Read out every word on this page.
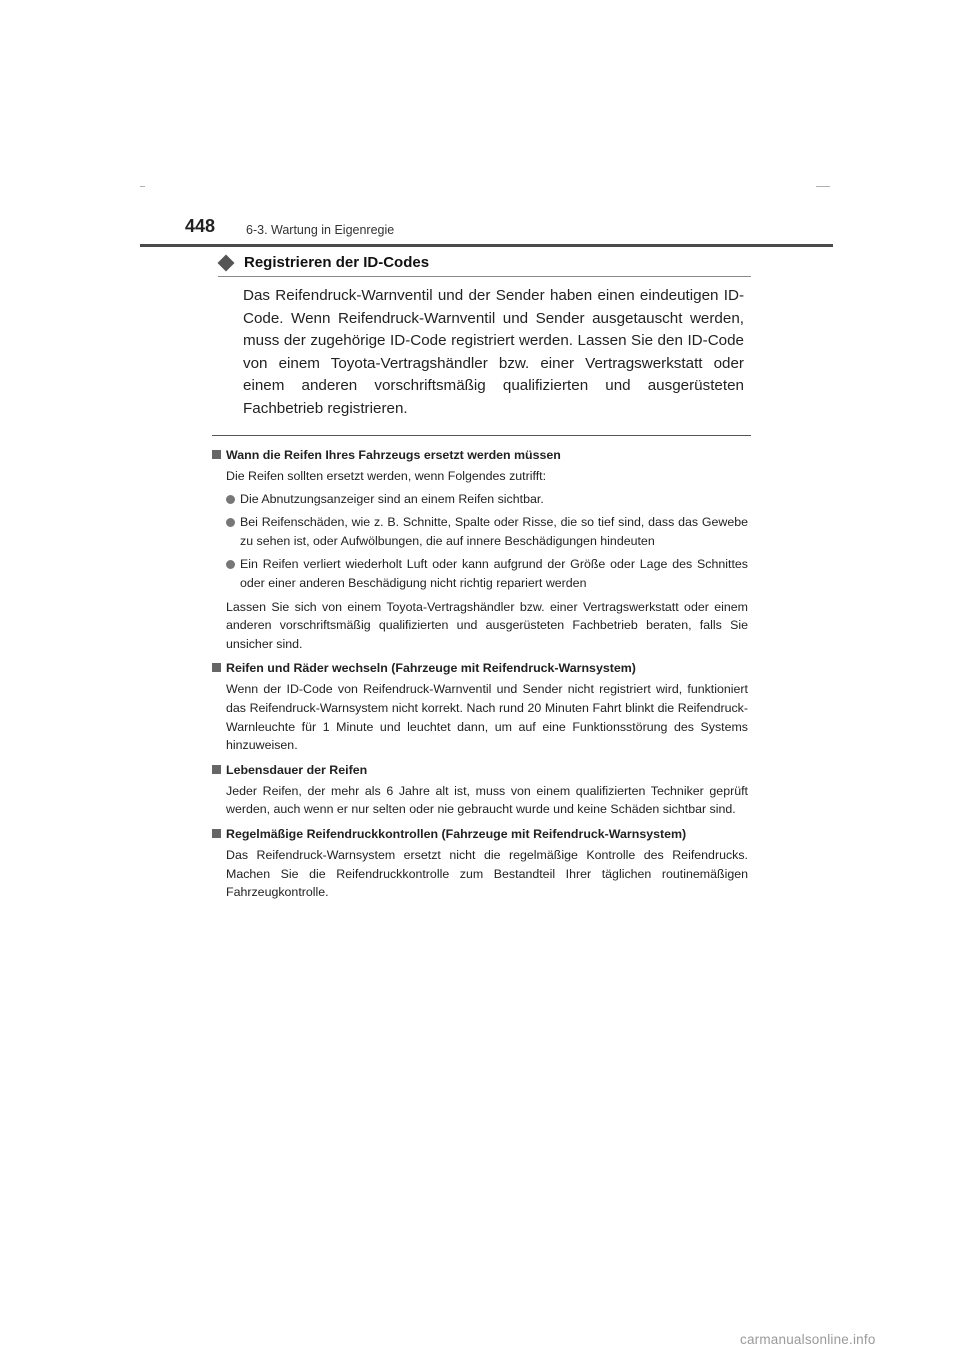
448 6-3. Wartung in Eigenregie
Registrieren der ID-Codes

Das Reifendruck-Warnventil und der Sender haben einen eindeutigen ID-Code. Wenn Reifendruck-Warnventil und Sender ausgetauscht werden, muss der zugehörige ID-Code registriert werden. Lassen Sie den ID-Code von einem Toyota-Vertragshändler bzw. einer Vertragswerkstatt oder einem anderen vorschriftsmäßig qualifizierten und ausgerüsteten Fachbetrieb registrieren.

Wann die Reifen Ihres Fahrzeugs ersetzt werden müssen

Die Reifen sollten ersetzt werden, wenn Folgendes zutrifft:

Die Abnutzungsanzeiger sind an einem Reifen sichtbar.
Bei Reifenschäden, wie z. B. Schnitte, Spalte oder Risse, die so tief sind, dass das Gewebe zu sehen ist, oder Aufwölbungen, die auf innere Beschädigungen hindeuten
Ein Reifen verliert wiederholt Luft oder kann aufgrund der Größe oder Lage des Schnittes oder einer anderen Beschädigung nicht richtig repariert werden

Lassen Sie sich von einem Toyota-Vertragshändler bzw. einer Vertragswerkstatt oder einem anderen vorschriftsmäßig qualifizierten und ausgerüsteten Fachbetrieb beraten, falls Sie unsicher sind.

Reifen und Räder wechseln (Fahrzeuge mit Reifendruck-Warnsystem)

Wenn der ID-Code von Reifendruck-Warnventil und Sender nicht registriert wird, funktioniert das Reifendruck-Warnsystem nicht korrekt. Nach rund 20 Minuten Fahrt blinkt die Reifendruck-Warnleuchte für 1 Minute und leuchtet dann, um auf eine Funktionsstörung des Systems hinzuweisen.

Lebensdauer der Reifen

Jeder Reifen, der mehr als 6 Jahre alt ist, muss von einem qualifizierten Techniker geprüft werden, auch wenn er nur selten oder nie gebraucht wurde und keine Schäden sichtbar sind.

Regelmäßige Reifendruckkontrollen (Fahrzeuge mit Reifendruck-Warnsystem)

Das Reifendruck-Warnsystem ersetzt nicht die regelmäßige Kontrolle des Reifendrucks. Machen Sie die Reifendruckkontrolle zum Bestandteil Ihrer täglichen routinemäßigen Fahrzeugkontrolle.

carmanualsonline.info
